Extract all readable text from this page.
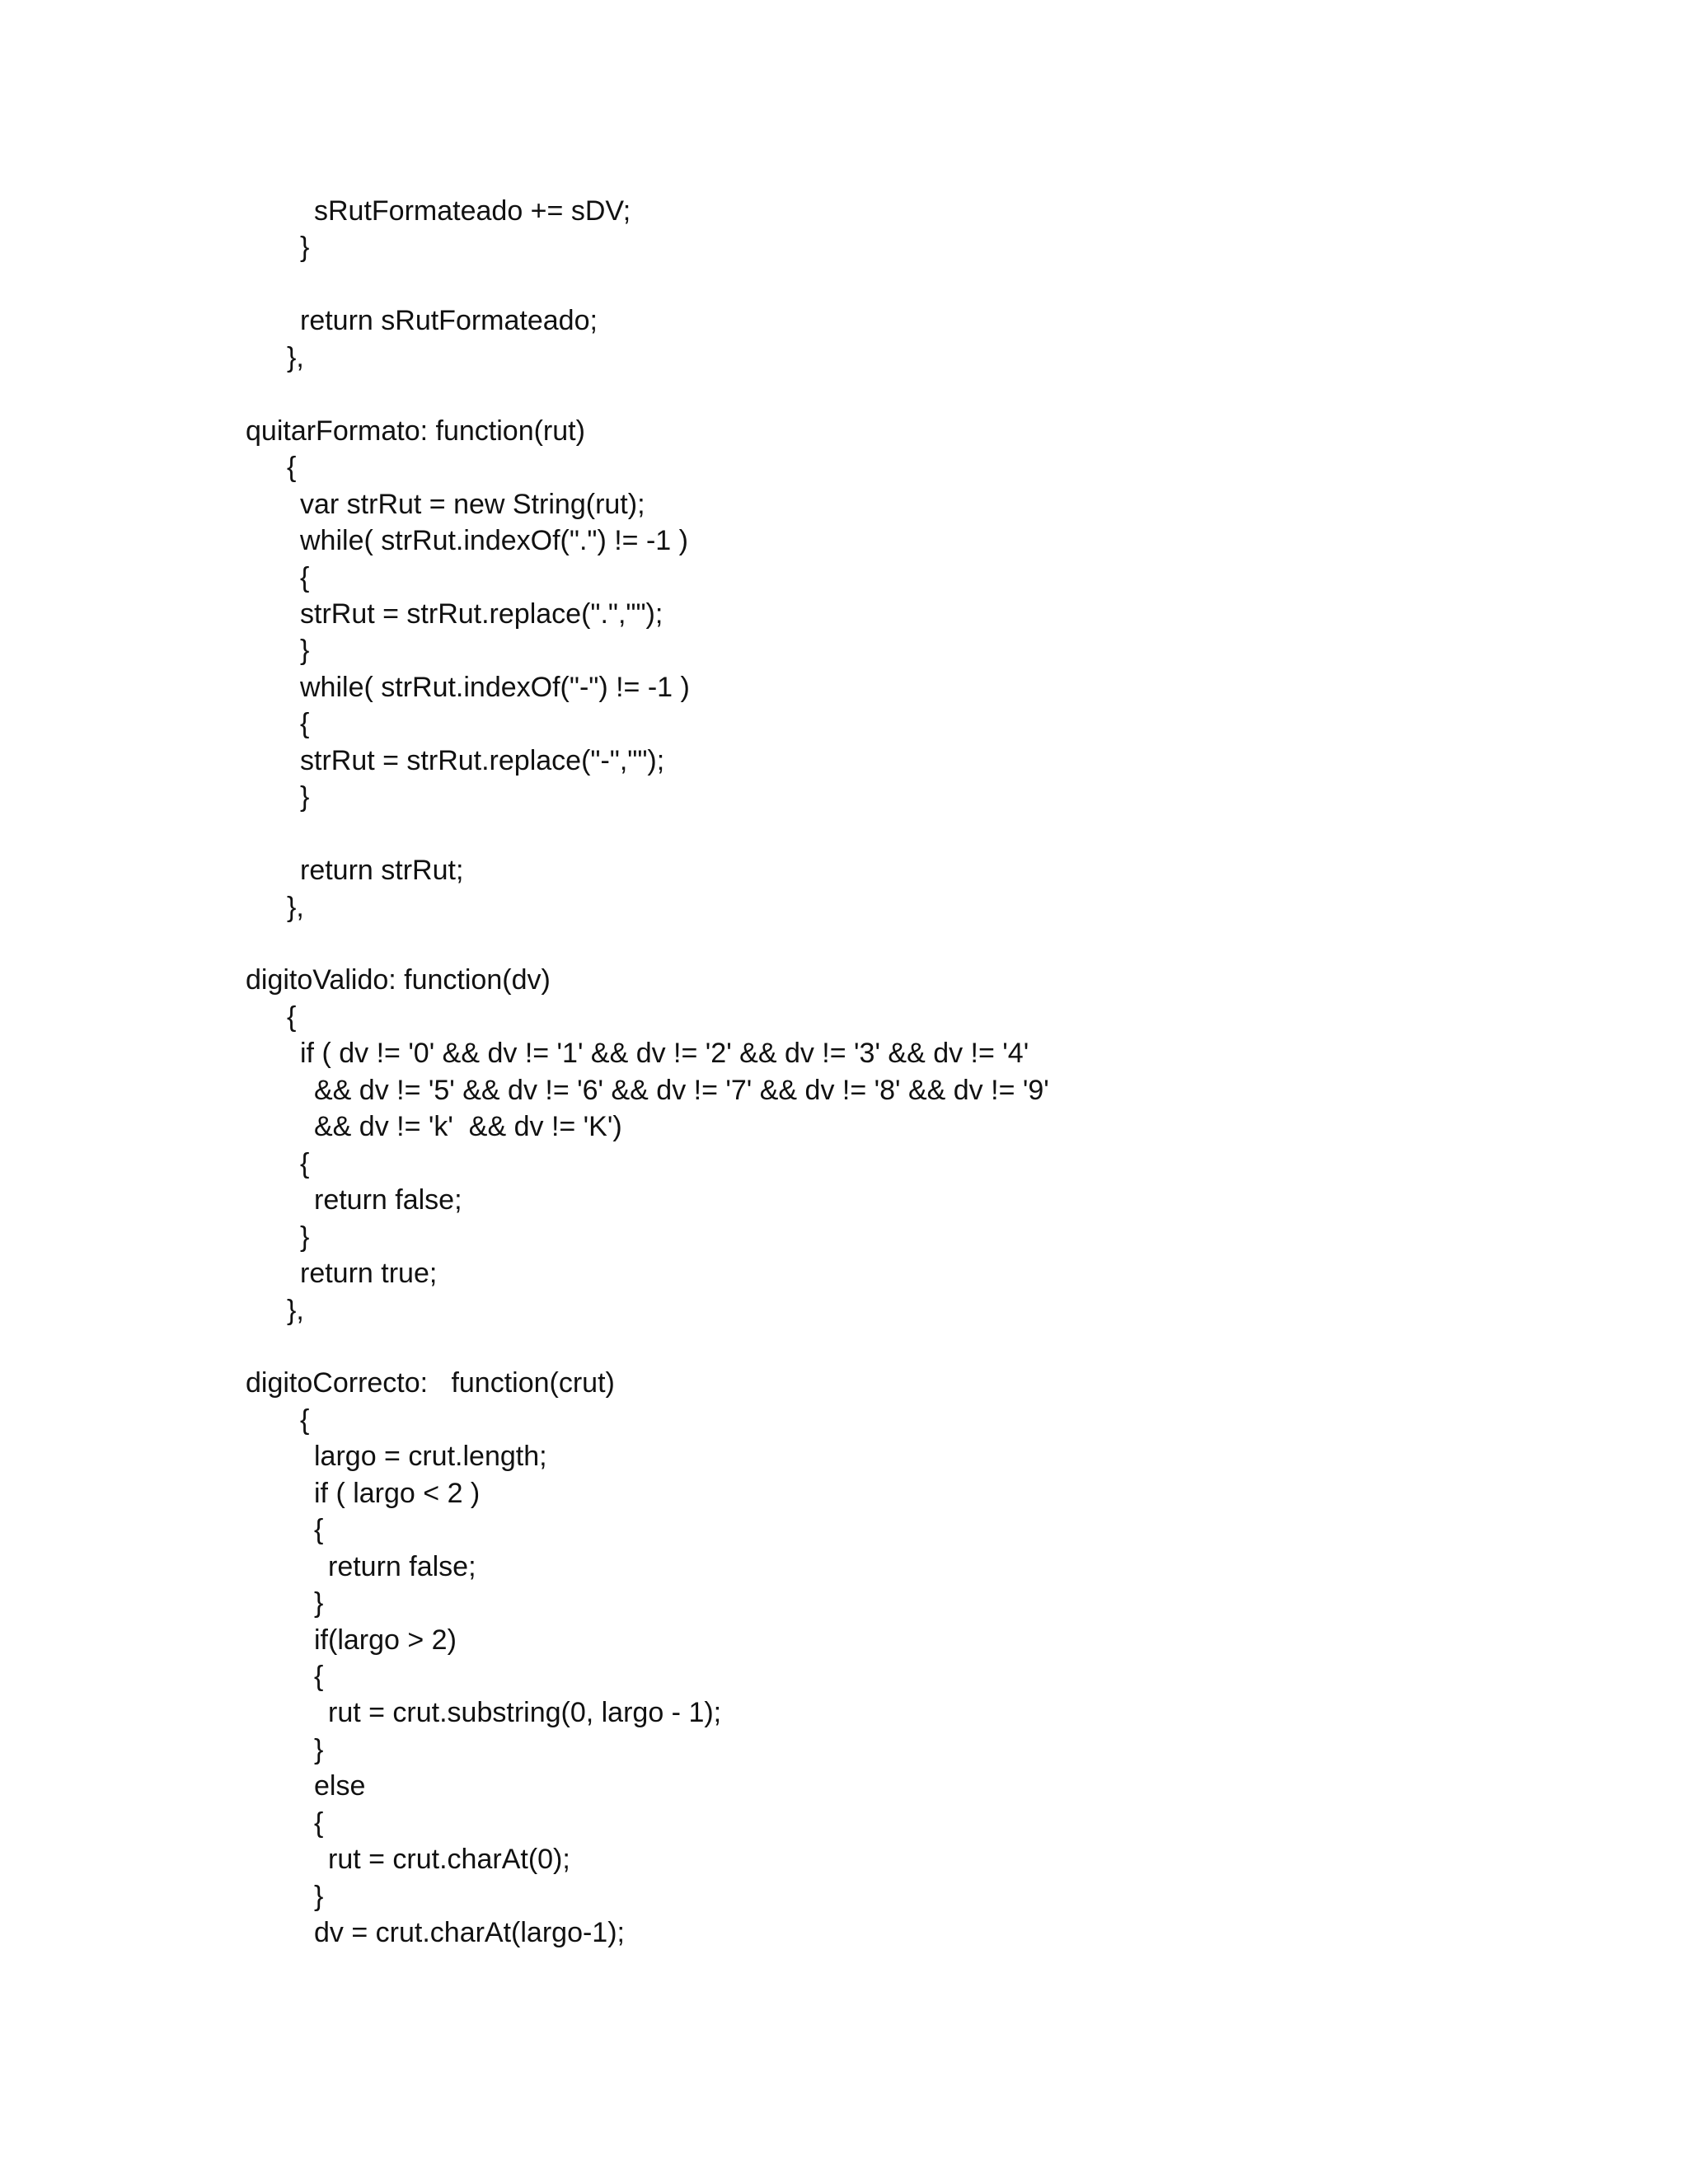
sRutFormateado += sDV;
}
return sRutFormateado;
},
quitarFormato: function(rut)
{
var strRut = new String(rut);
while( strRut.indexOf(".") != -1 )
{
strRut = strRut.replace(".","");
}
while( strRut.indexOf("-") != -1 )
{
strRut = strRut.replace("-","");
}
return strRut;
},
digitoValido: function(dv)
{
if ( dv != '0' && dv != '1' && dv != '2' && dv != '3' && dv != '4'
&& dv != '5' && dv != '6' && dv != '7' && dv != '8' && dv != '9'
&& dv != 'k'  && dv != 'K')
{
return false;
}
return true;
},
digitoCorrecto:   function(crut)
{
largo = crut.length;
if ( largo < 2 )
{
return false;
}
if(largo > 2)
{
rut = crut.substring(0, largo - 1);
}
else
{
rut = crut.charAt(0);
}
dv = crut.charAt(largo-1);
